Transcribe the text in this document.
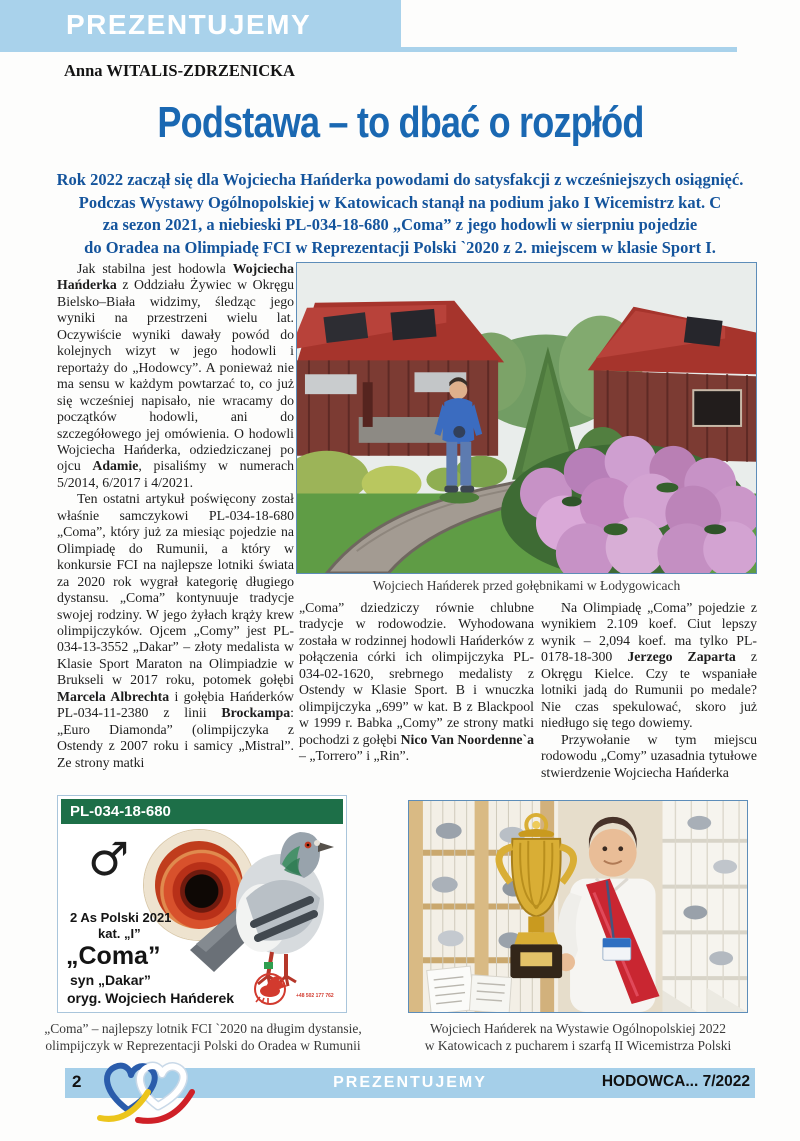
PREZENTUJEMY
Anna WITALIS-ZDRZENICKA
Podstawa – to dbać o rozpłód
Rok 2022 zaczął się dla Wojciecha Hańderka powodami do satysfakcji z wcześniejszych osiągnięć.
Podczas Wystawy Ogólnopolskiej w Katowicach stanął na podium jako I Wicemistrz kat. C
za sezon 2021, a niebieski PL-034-18-680 „Coma” z jego hodowli w sierpniu pojedzie
do Oradea na Olimpiadę FCI w Reprezentacji Polski `2020 z 2. miejscem w klasie Sport I.

Jak stabilna jest hodowla Wojciecha Hańderka z Oddziału Żywiec w Okręgu Bielsko–Biała widzimy, śledząc jego wyniki na przestrzeni wielu lat. Oczywiście wyniki dawały powód do kolejnych wizyt w jego hodowli i reportaży do „Hodowcy”. A ponieważ nie ma sensu w każdym powtarzać to, co już się wcześniej napisało, nie wracamy do początków hodowli, ani do szczegółowego jej omówienia. O hodowli Wojciecha Hańderka, odziedziczanej po ojcu Adamie, pisaliśmy w numerach 5/2014, 6/2017 i 4/2021.

Ten ostatni artykuł poświęcony został właśnie samczykowi PL-034-18-680 „Coma”, który już za miesiąc pojedzie na Olimpiadę do Rumunii, a który w konkursie FCI na najlepsze lotniki świata za 2020 rok wygrał kategorię długiego dystansu. „Coma” kontynuuje tradycje swojej rodziny. W jego żyłach krąży krew olimpijczyków. Ojcem „Comy” jest PL-034-13-3552 „Dakar” – złoty medalista w Klasie Sport Maraton na Olimpiadzie w Brukseli w 2017 roku, potomek gołębi Marcela Albrechta i gołębia Hańderków PL-034-11-2380 z linii Brockampa: „Euro Diamonda” (olimpijczyka z Ostendy z 2007 roku i samicy „Mistral”. Ze strony matki

Wojciech Hańderek przed gołębnikami w Łodygowicach

„Coma” dziedziczy równie chlubne tradycje w rodowodzie. Wyhodowana została w rodzinnej hodowli Hańderków z połączenia córki ich olimpijczyka PL-034-02-1620, srebrnego medalisty z Ostendy w Klasie Sport. B i wnuczka olimpijczyka „699” w kat. B z Blackpool w 1999 r. Babka „Comy” ze strony matki pochodzi z gołębi Nico Van Noordenne`a – „Torrero” i „Rin”.

Na Olimpiadę „Coma” pojedzie z wynikiem 2.109 koef. Ciut lepszy wynik – 2,094 koef. ma tylko PL-0178-18-300 Jerzego Zaparta z Okręgu Kielce. Czy te wspaniałe lotniki jadą do Rumunii po medale? Nie czas spekulować, skoro już niedługo się tego dowiemy.

Przywołanie w tym miejscu rodowodu „Comy” uzasadnia tytułowe stwierdzenie Wojciecha Hańderka

PL-034-18-680
♂
2 As Polski 2021
kat. „I”
„Coma”
syn „Dakar”
oryg. Wojciech Hańderek	+48 502 177 762
„Coma” – najlepszy lotnik FCI `2020 na długim dystansie,
olimpijczyk w Reprezentacji Polski do Oradea w Rumunii
Wojciech Hańderek na Wystawie Ogólnopolskiej 2022
w Katowicach z pucharem i szarfą II Wicemistrza Polski
2	PREZENTUJEMY	HODOWCA... 7/2022
